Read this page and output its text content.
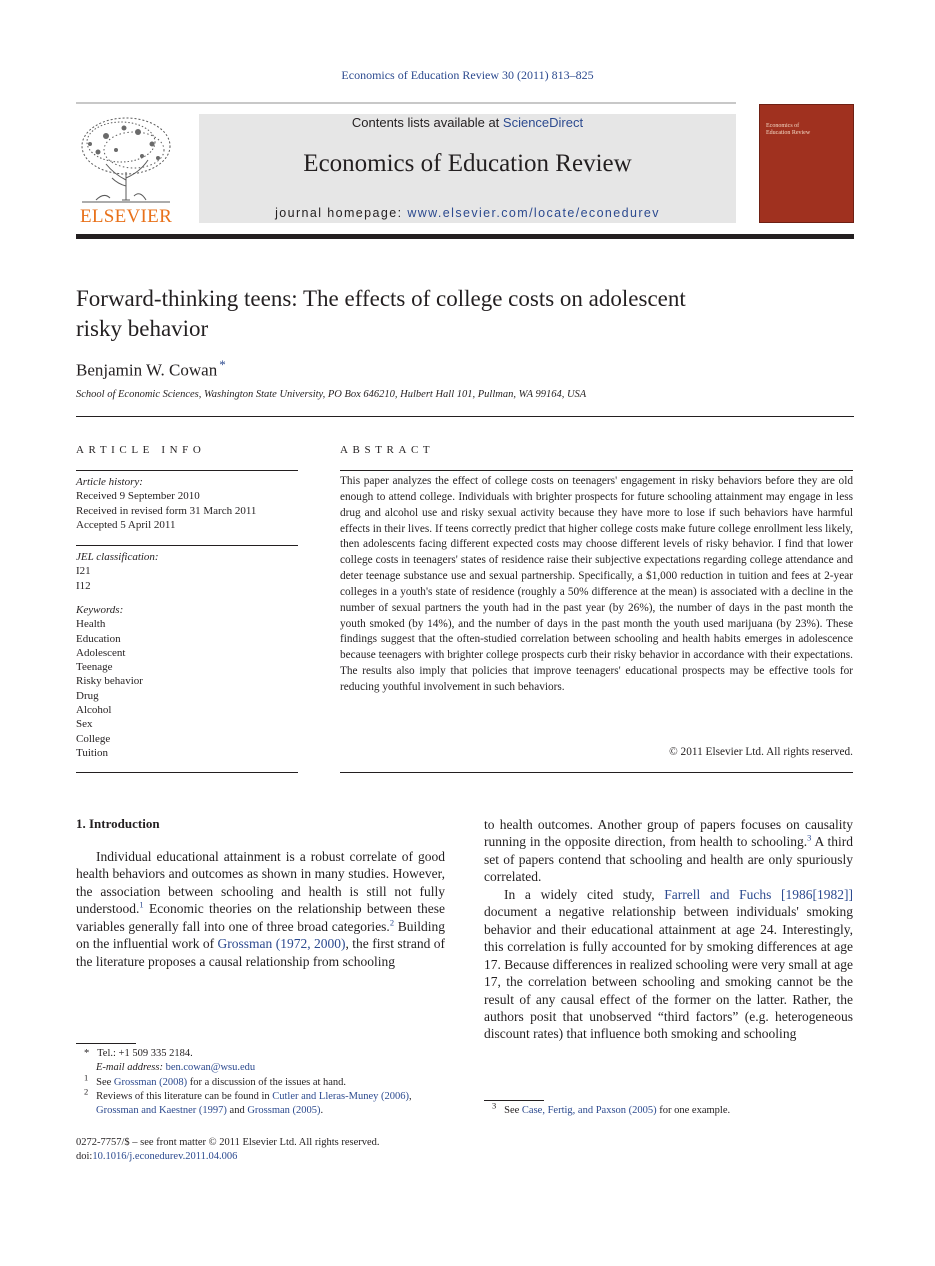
Economics of Education Review 30 (2011) 813–825
ELSEVIER
Contents lists available at ScienceDirect
Economics of Education Review
journal homepage: www.elsevier.com/locate/econedurev
Economics of
Education Review
Forward-thinking teens: The effects of college costs on adolescent
risky behavior
Benjamin W. Cowan *
School of Economic Sciences, Washington State University, PO Box 646210, Hulbert Hall 101, Pullman, WA 99164, USA
ARTICLE INFO
Article history:
Received 9 September 2010
Received in revised form 31 March 2011
Accepted 5 April 2011
JEL classification:
I21
I12
Keywords:
Health
Education
Adolescent
Teenage
Risky behavior
Drug
Alcohol
Sex
College
Tuition
ABSTRACT
This paper analyzes the effect of college costs on teenagers' engagement in risky behaviors before they are old enough to attend college. Individuals with brighter prospects for future schooling attainment may engage in less drug and alcohol use and risky sexual activity because they have more to lose if such behaviors have harmful effects in their lives. If teens correctly predict that higher college costs make future college enrollment less likely, then adolescents facing different expected costs may choose different levels of risky behavior. I find that lower college costs in teenagers' states of residence raise their subjective expectations regarding college attendance and deter teenage substance use and sexual partnership. Specifically, a $1,000 reduction in tuition and fees at 2-year colleges in a youth's state of residence (roughly a 50% difference at the mean) is associated with a decline in the number of sexual partners the youth had in the past year (by 26%), the number of days in the past month the youth smoked (by 14%), and the number of days in the past month the youth used marijuana (by 23%). These findings suggest that the often-studied correlation between schooling and health habits emerges in adolescence because teenagers with brighter college prospects curb their risky behavior in accordance with their expectations. The results also imply that policies that improve teenagers' educational prospects may be effective tools for reducing youthful involvement in such behaviors.
© 2011 Elsevier Ltd. All rights reserved.
1. Introduction

Individual educational attainment is a robust correlate of good health behaviors and outcomes as shown in many studies. However, the association between schooling and health is still not fully understood.$^1$ Economic theories on the relationship between these variables generally fall into one of three broad categories.$^2$ Building on the influential work of Grossman (1972, 2000), the first strand of the literature proposes a causal relationship from schooling

to health outcomes. Another group of papers focuses on causality running in the opposite direction, from health to schooling.$^3$ A third set of papers contend that schooling and health are only spuriously correlated.

In a widely cited study, Farrell and Fuchs [1986[1982]] document a negative relationship between individuals' smoking behavior and their educational attainment at age 24. Interestingly, this correlation is fully accounted for by smoking differences at age 17. Because differences in realized schooling were very small at age 17, the correlation between schooling and smoking cannot be the result of any causal effect of the former on the latter. Rather, the authors posit that unobserved “third factors” (e.g. heterogeneous discount rates) that influence both smoking and schooling

* Tel.: +1 509 335 2184.
E-mail address: ben.cowan@wsu.edu
$^1$ See Grossman (2008) for a discussion of the issues at hand.
$^2$ Reviews of this literature can be found in Cutler and Lleras-Muney (2006), Grossman and Kaestner (1997) and Grossman (2005).
0272-7757/$ – see front matter © 2011 Elsevier Ltd. All rights reserved.
doi:10.1016/j.econedurev.2011.04.006
$^3$ See Case, Fertig, and Paxson (2005) for one example.
